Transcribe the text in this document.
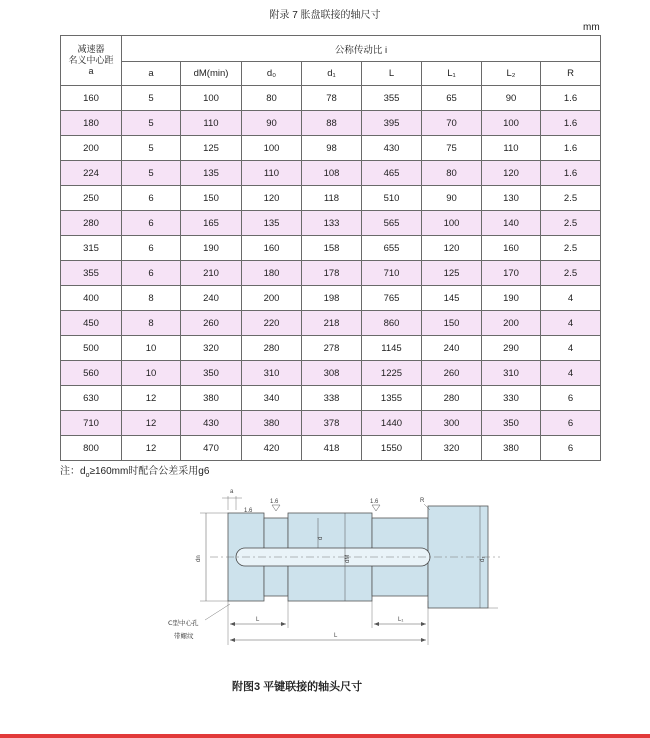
附录 7 胀盘联接的轴尺寸
mm
减速器
名义中心距
a	公称传动比 i							
	a	dM(min)	d₀	d₁	L	L₁	L₂	R
160	5	100	80	78	355	65	90	1.6
180	5	110	90	88	395	70	100	1.6
200	5	125	100	98	430	75	110	1.6
224	5	135	110	108	465	80	120	1.6
250	6	150	120	118	510	90	130	2.5
280	6	165	135	133	565	100	140	2.5
315	6	190	160	158	655	120	160	2.5
355	6	210	180	178	710	125	170	2.5
400	8	240	200	198	765	145	190	4
450	8	260	220	218	860	150	200	4
500	10	320	280	278	1145	240	290	4
560	10	350	310	308	1225	260	310	4
630	12	380	340	338	1355	280	330	6
710	12	430	380	378	1440	300	350	6
800	12	470	420	418	1550	320	380	6
注：$d_o\ge 160mm$时配合公差采用g6
a
1.6
1.6	1.6	R
dn
d
dM	d₁
L	L₁
L
C型中心孔
带螺纹
附图3 平键联接的轴头尺寸
